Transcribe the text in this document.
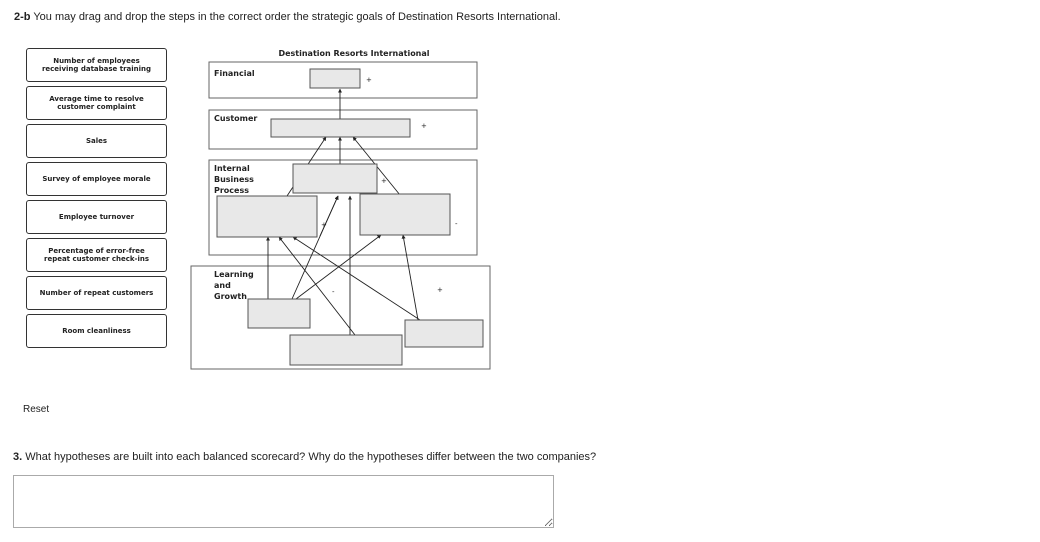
2-b You may drag and drop the steps in the correct order the strategic goals of Destination Resorts International.
Number of employees receiving database training
Average time to resolve customer complaint
Sales
Survey of employee morale
Employee turnover
Percentage of error-free repeat customer check-ins
Number of repeat customers
Room cleanliness
Destination Resorts International
Financial
Customer
Internal
Business
Process
Learning
and
Growth
+
+
+
+	-
-	+
Reset
3. What hypotheses are built into each balanced scorecard? Why do the hypotheses differ between the two companies?
